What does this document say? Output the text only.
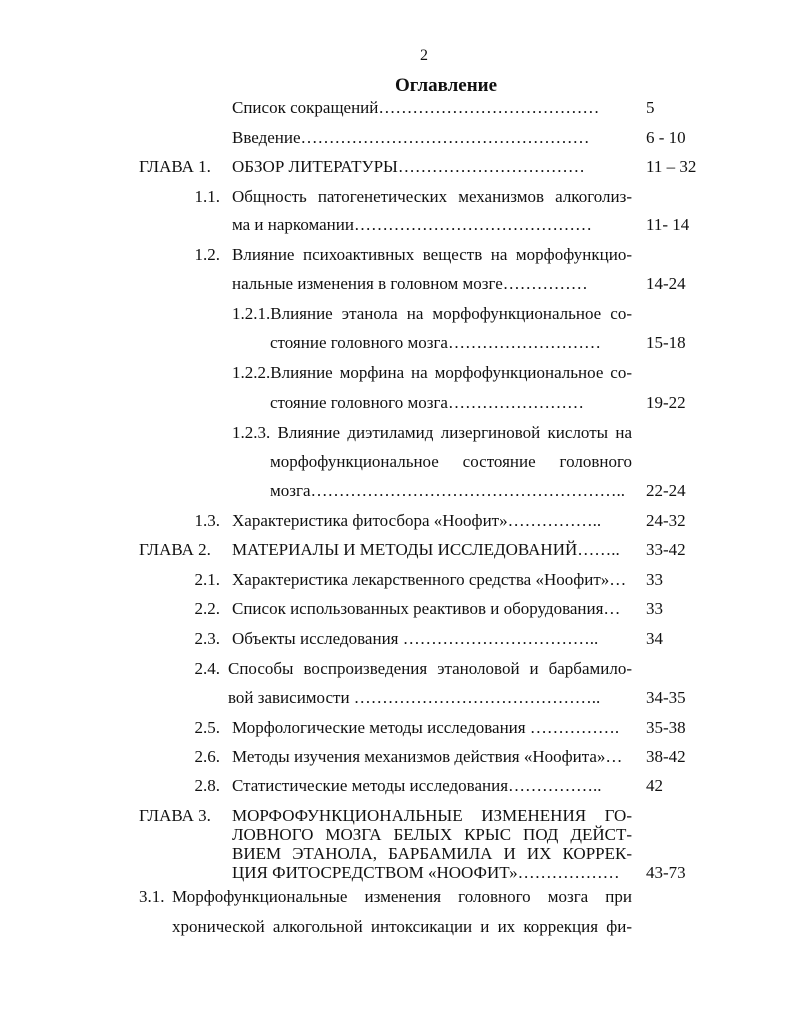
2
Оглавление
Список сокращений…………………………………	5
Введение……………………………………………	6 - 10
ГЛАВА 1. ОБЗОР ЛИТЕРАТУРЫ……………………………	11 – 32
1.1. Общность патогенетических механизмов алкоголиз-
ма и наркомании……………………………………	11- 14
1.2. Влияние психоактивных веществ на морфофункцио-
нальные изменения в головном мозге……………	14-24
1.2.1.Влияние этанола на морфофункциональное со-
стояние головного мозга………………………	15-18
1.2.2.Влияние морфина на морфофункциональное со-
стояние головного мозга……………………	19-22
1.2.3. Влияние диэтиламид лизергиновой кислоты на
морфофункциональное состояние головного
мозга……………………………………………….. 22-24
1.3. Характеристика фитосбора «Ноофит»……………..	24-32
ГЛАВА 2. МАТЕРИАЛЫ И МЕТОДЫ ИССЛЕДОВАНИЙ…….. 33-42
2.1. Характеристика лекарственного средства «Ноофит»… 33
2.2. Список использованных реактивов и оборудования… 33
2.3. Объекты исследования ……………………………..	34
2.4. Способы воспроизведения этаноловой и барбамило-
вой зависимости ……………………………………..	34-35
2.5. Морфологические методы исследования ……………. 35-38
2.6. Методы изучения механизмов действия «Ноофита»… 38-42
2.8. Статистические методы исследования……………..	42
ГЛАВА 3. МОРФОФУНКЦИОНАЛЬНЫЕ ИЗМЕНЕНИЯ ГО-
ЛОВНОГО МОЗГА БЕЛЫХ КРЫС ПОД ДЕЙСТ-
ВИЕМ ЭТАНОЛА, БАРБАМИЛА И ИХ КОРРЕК-
ЦИЯ ФИТОСРЕДСТВОМ «НООФИТ»……………… 43-73
3.1. Морфофункциональные изменения головного мозга при
хронической алкогольной интоксикации и их коррекция фи-
